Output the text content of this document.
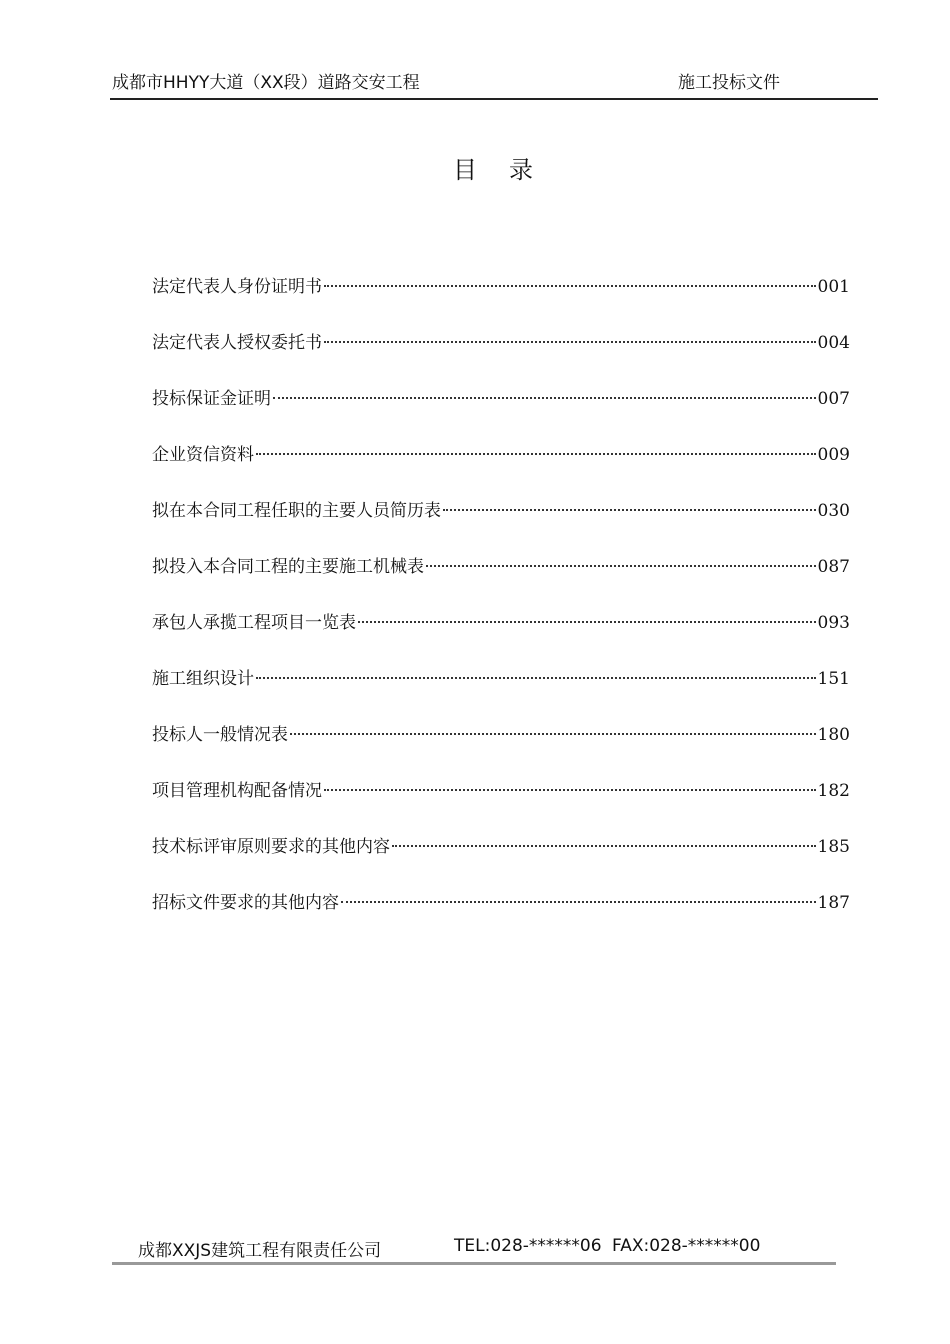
成都市HHYY大道（XX段）道路交安工程	施工投标文件
目　录
法定代表人身份证明书	001
法定代表人授权委托书	004
投标保证金证明	007
企业资信资料	009
拟在本合同工程任职的主要人员简历表	030
拟投入本合同工程的主要施工机械表	087
承包人承揽工程项目一览表	093
施工组织设计	151
投标人一般情况表	180
项目管理机构配备情况	182
技术标评审原则要求的其他内容	185
招标文件要求的其他内容	187
成都XXJS建筑工程有限责任公司	TEL:028-******06 FAX:028-******00
